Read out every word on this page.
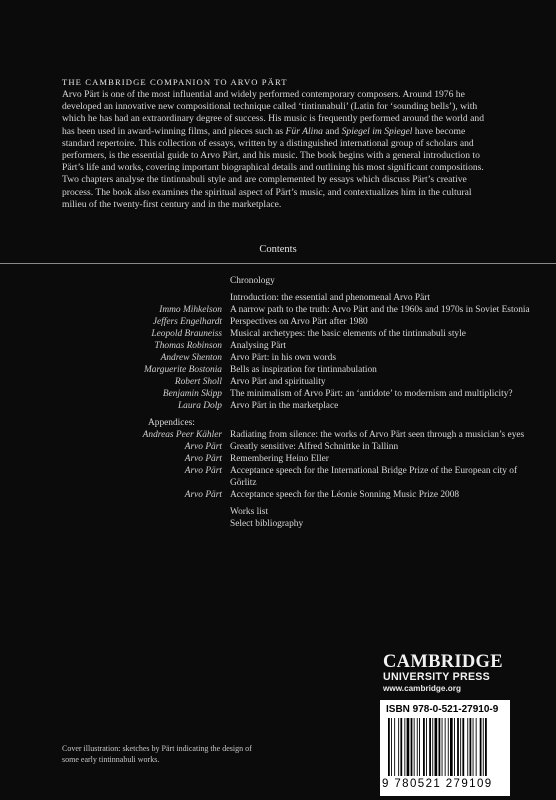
THE CAMBRIDGE COMPANION TO ARVO PÄRT

Arvo Pärt is one of the most influential and widely performed contemporary composers. Around 1976 he developed an innovative new compositional technique called ‘tintinnabuli’ (Latin for ‘sounding bells’), with which he has had an extraordinary degree of success. His music is frequently performed around the world and has been used in award-winning films, and pieces such as Für Alina and Spiegel im Spiegel have become standard repertoire. This collection of essays, written by a distinguished international group of scholars and performers, is the essential guide to Arvo Pärt, and his music. The book begins with a general introduction to Pärt’s life and works, covering important biographical details and outlining his most significant compositions. Two chapters analyse the tintinnabuli style and are complemented by essays which discuss Pärt’s creative process. The book also examines the spiritual aspect of Pärt’s music, and contextualizes him in the cultural milieu of the twenty-first century and in the marketplace.

Contents
Chronology
Introduction: the essential and phenomenal Arvo Pärt
Immo Mihkelson A narrow path to the truth: Arvo Pärt and the 1960s and 1970s in Soviet Estonia
Jeffers Engelhardt Perspectives on Arvo Pärt after 1980
Leopold Brauneiss Musical archetypes: the basic elements of the tintinnabuli style
Thomas Robinson Analysing Pärt
Andrew Shenton Arvo Pärt: in his own words
Marguerite Bostonia Bells as inspiration for tintinnabulation
Robert Sholl Arvo Pärt and spirituality
Benjamin Skipp The minimalism of Arvo Pärt: an ‘antidote’ to modernism and multiplicity?
Laura Dolp Arvo Pärt in the marketplace
Appendices:
Andreas Peer Kähler Radiating from silence: the works of Arvo Pärt seen through a musician’s eyes
Arvo Pärt Greatly sensitive: Alfred Schnittke in Tallinn
Arvo Pärt Remembering Heino Eller
Arvo Pärt Acceptance speech for the International Bridge Prize of the European city of Görlitz
Arvo Pärt Acceptance speech for the Léonie Sonning Music Prize 2008
Works list
Select bibliography
CAMBRIDGE
UNIVERSITY PRESS
www.cambridge.org
ISBN 978-0-521-27910-9
9 780521 279109

Cover illustration: sketches by Pärt indicating the design of some early tintinnabuli works.
